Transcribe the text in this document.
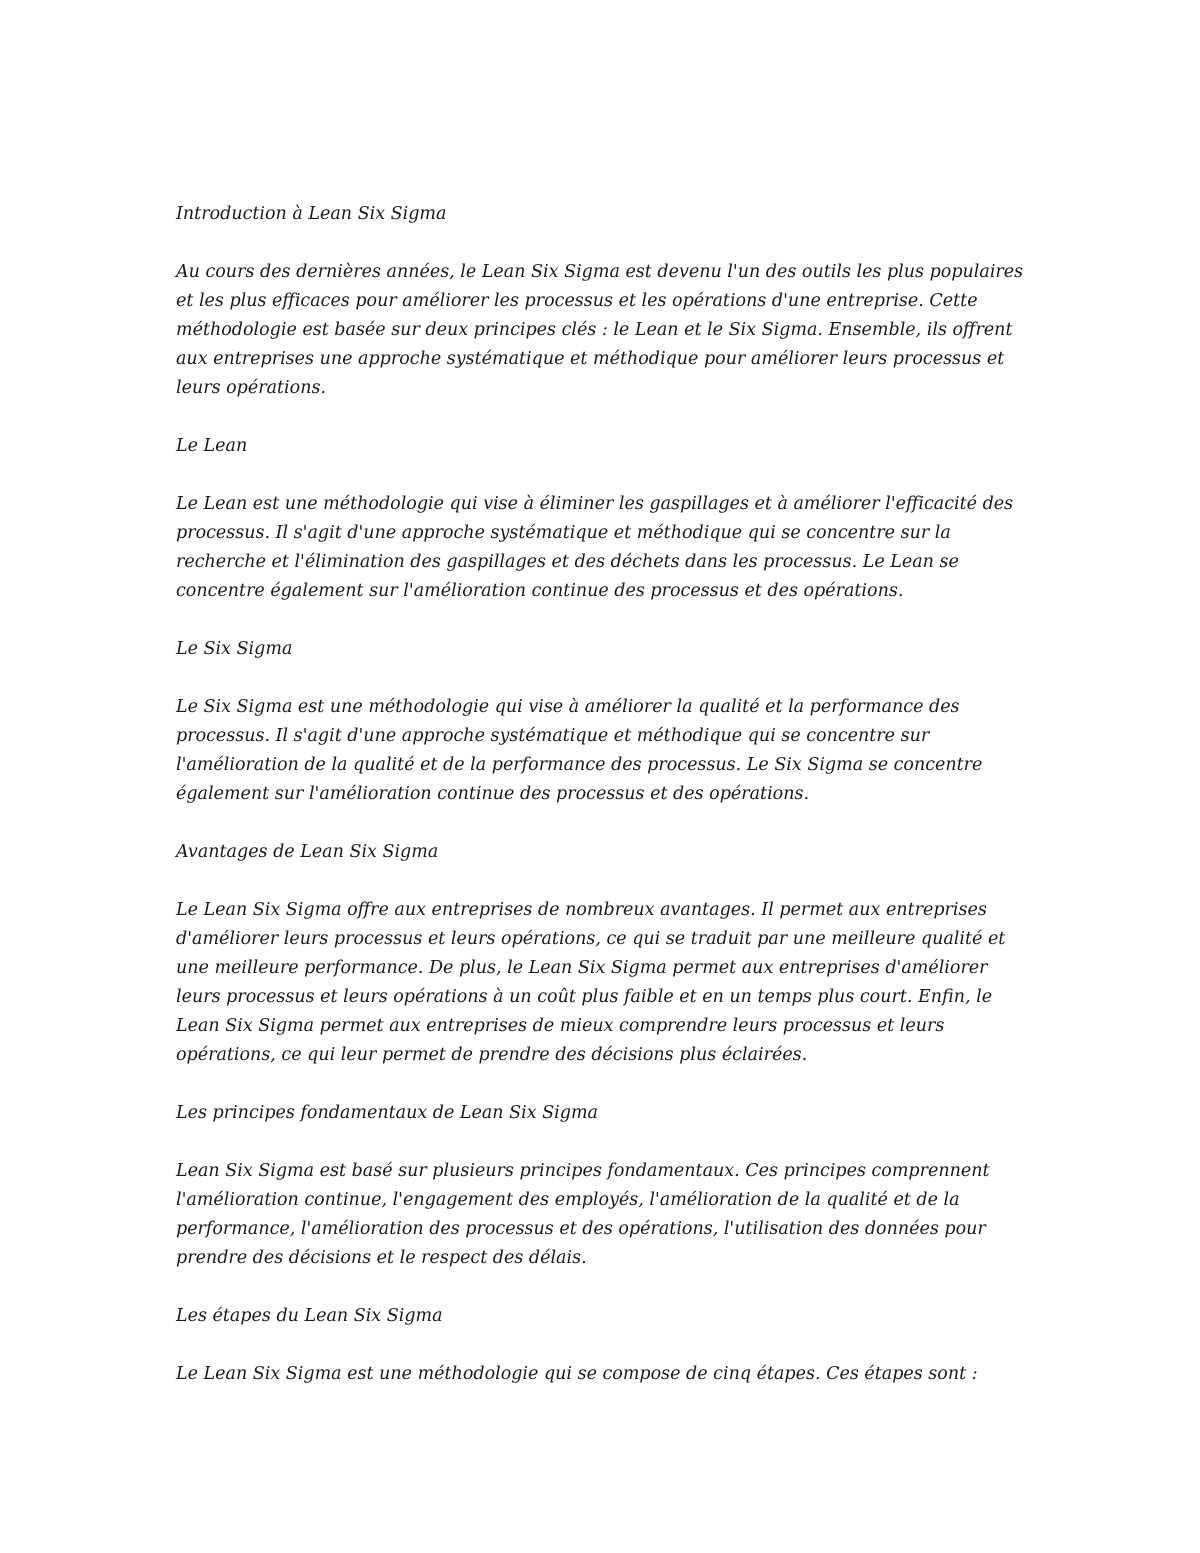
Introduction à Lean Six Sigma
Au cours des dernières années, le Lean Six Sigma est devenu l'un des outils les plus populaires
et les plus efficaces pour améliorer les processus et les opérations d'une entreprise. Cette
méthodologie est basée sur deux principes clés : le Lean et le Six Sigma. Ensemble, ils offrent
aux entreprises une approche systématique et méthodique pour améliorer leurs processus et
leurs opérations.
Le Lean
Le Lean est une méthodologie qui vise à éliminer les gaspillages et à améliorer l'efficacité des
processus. Il s'agit d'une approche systématique et méthodique qui se concentre sur la
recherche et l'élimination des gaspillages et des déchets dans les processus. Le Lean se
concentre également sur l'amélioration continue des processus et des opérations.
Le Six Sigma
Le Six Sigma est une méthodologie qui vise à améliorer la qualité et la performance des
processus. Il s'agit d'une approche systématique et méthodique qui se concentre sur
l'amélioration de la qualité et de la performance des processus. Le Six Sigma se concentre
également sur l'amélioration continue des processus et des opérations.
Avantages de Lean Six Sigma
Le Lean Six Sigma offre aux entreprises de nombreux avantages. Il permet aux entreprises
d'améliorer leurs processus et leurs opérations, ce qui se traduit par une meilleure qualité et
une meilleure performance. De plus, le Lean Six Sigma permet aux entreprises d'améliorer
leurs processus et leurs opérations à un coût plus faible et en un temps plus court. Enfin, le
Lean Six Sigma permet aux entreprises de mieux comprendre leurs processus et leurs
opérations, ce qui leur permet de prendre des décisions plus éclairées.
Les principes fondamentaux de Lean Six Sigma
Lean Six Sigma est basé sur plusieurs principes fondamentaux. Ces principes comprennent
l'amélioration continue, l'engagement des employés, l'amélioration de la qualité et de la
performance, l'amélioration des processus et des opérations, l'utilisation des données pour
prendre des décisions et le respect des délais.
Les étapes du Lean Six Sigma
Le Lean Six Sigma est une méthodologie qui se compose de cinq étapes. Ces étapes sont :
